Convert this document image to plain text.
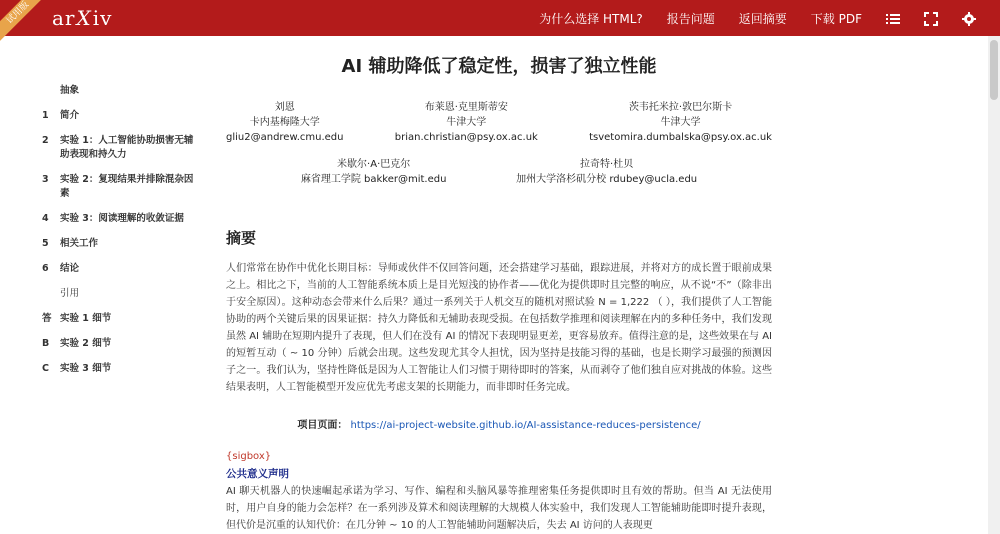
试用版	ar X iv	为什么选择 HTML? 报告问题 返回摘要 下载 PDF
抽象
1	简介
2	实验 1：人工智能协助损害无辅助表现和持久力
3	实验 2：复现结果并排除混杂因素
4	实验 3：阅读理解的收敛证据
5	相关工作
6	结论
引用
答 实验 1 细节
B	实验 2 细节
C	实验 3 细节
AI 辅助降低了稳定性，损害了独立性能
刘恩
卡内基梅隆大学
gliu2@andrew.cmu.edu
布莱恩·克里斯蒂安
牛津大学
brian.christian@psy.ox.ac.uk
茨韦托米拉·敦巴尔斯卡
牛津大学
tsvetomira.dumbalska@psy.ox.ac.uk
米歇尔·A·巴克尔
麻省理工学院 bakker@mit.edu
拉奇特·杜贝
加州大学洛杉矶分校 rdubey@ucla.edu
摘要
人们常常在协作中优化长期目标：导师或伙伴不仅回答问题，还会搭建学习基础，跟踪进展，并将对方的成长置于眼前成果之上。相比之下，当前的人工智能系统本质上是目光短浅的协作者——优化为提供即时且完整的响应，从不说“不”（除非出于安全原因）。这种动态会带来什么后果？通过一系列关于人机交互的随机对照试验 N = 1,222 （ ），我们提供了人工智能协助的两个关键后果的因果证据：持久力降低和无辅助表现受损。在包括数学推理和阅读理解在内的多种任务中，我们发现虽然 AI 辅助在短期内提升了表现，但人们在没有 AI 的情况下表现明显更差，更容易放弃。值得注意的是，这些效果在与 AI 的短暂互动（ ~ 10 分钟）后就会出现。这些发现尤其令人担忧，因为坚持是技能习得的基础，也是长期学习最强的预测因子之一。我们认为，坚持性降低是因为人工智能让人们习惯于期待即时的答案，从而剥夺了他们独自应对挑战的体验。这些结果表明，人工智能模型开发应优先考虑支架的长期能力，而非即时任务完成。
项目页面： https://ai-project-website.github.io/AI-assistance-reduces-persistence/
{sigbox}
公共意义声明
AI 聊天机器人的快速崛起承诺为学习、写作、编程和头脑风暴等推理密集任务提供即时且有效的帮助。但当 AI 无法使用时，用户自身的能力会怎样？在一系列涉及算术和阅读理解的大规模人体实验中，我们发现人工智能辅助能即时提升表现，但代价是沉重的认知代价：在几分钟 ~ 10 的人工智能辅助问题解决后，失去 AI 访问的人表现更
